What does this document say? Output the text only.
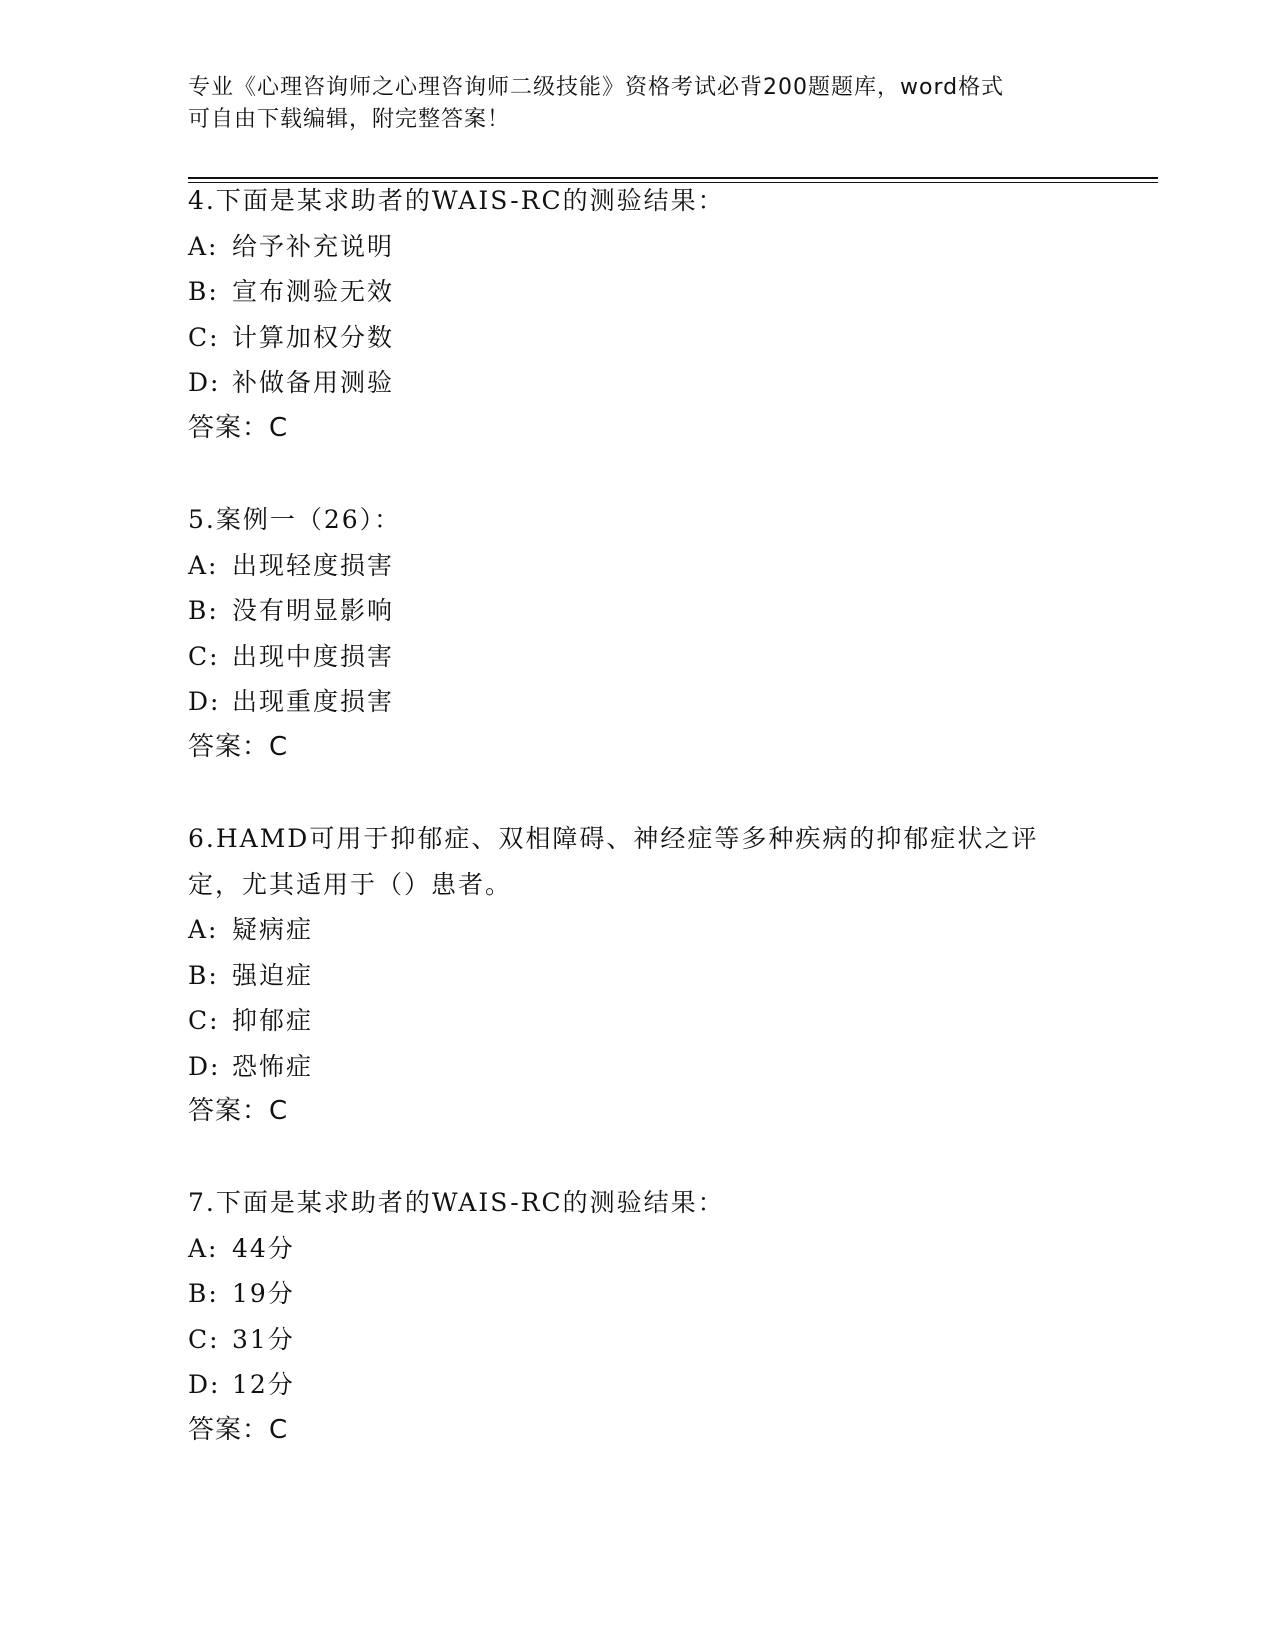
专业《心理咨询师之心理咨询师二级技能》资格考试必背200题题库，word格式
可自由下载编辑，附完整答案！
4.下面是某求助者的WAIS-RC的测验结果：
A: 给予补充说明
B: 宣布测验无效
C: 计算加权分数
D: 补做备用测验
答案：C
5.案例一（26）：
A: 出现轻度损害
B: 没有明显影响
C: 出现中度损害
D: 出现重度损害
答案：C
6.HAMD可用于抑郁症、双相障碍、神经症等多种疾病的抑郁症状之评
定，尤其适用于（）患者。
A: 疑病症
B: 强迫症
C: 抑郁症
D: 恐怖症
答案：C
7.下面是某求助者的WAIS-RC的测验结果：
A: 44分
B: 19分
C: 31分
D: 12分
答案：C
